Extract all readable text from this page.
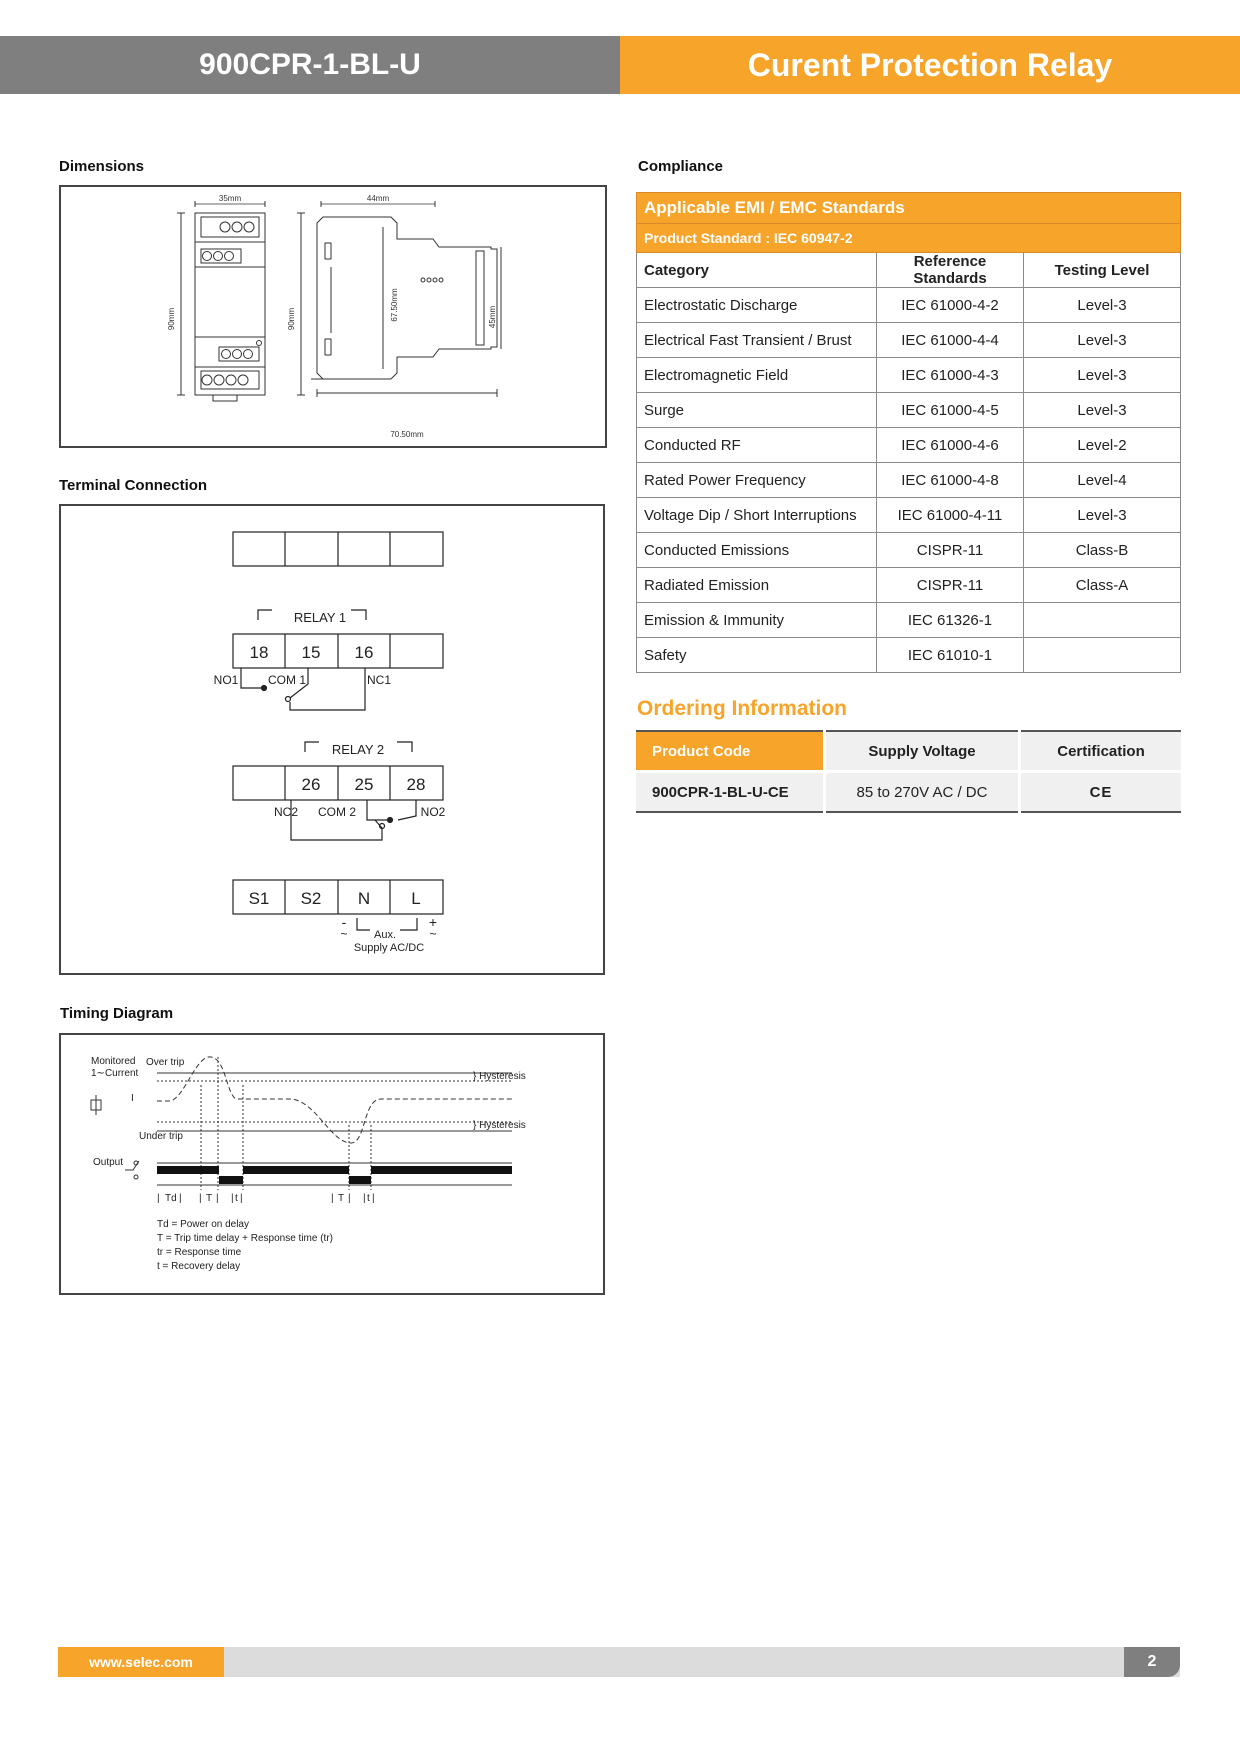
900CPR-1-BL-U	Curent Protection Relay
Dimensions
35mm	44mm
90mm	90mm	67.50mm	45mm
70.50mm
Terminal Connection
RELAY 1
18 15 16
NO1 COM 1	NC1
RELAY 2
26 25 28
NC2 COM 2	NO2
S1 S2 N L
-
~
+
~
Aux.
Supply AC/DC
Timing Diagram
Monitored
1∼Current
Over trip
Under trip
} Hysteresis
} Hysteresis
I
Output
| Td | | T | | t |	| T | | t |
Td = Power on delay
T = Trip time delay + Response time (tr)
tr = Response time
t = Recovery delay
Compliance
Applicable EMI / EMC Standards		
Product Standard : IEC 60947-2		
Category	Reference Standards	Testing Level
Electrostatic Discharge	IEC 61000-4-2	Level-3
Electrical Fast Transient / Brust	IEC 61000-4-4	Level-3
Electromagnetic Field	IEC 61000-4-3	Level-3
Surge	IEC 61000-4-5	Level-3
Conducted RF	IEC 61000-4-6	Level-2
Rated Power Frequency	IEC 61000-4-8	Level-4
Voltage Dip / Short Interruptions	IEC 61000-4-11	Level-3
Conducted Emissions	CISPR-11	Class-B
Radiated Emission	CISPR-11	Class-A
Emission & Immunity	IEC 61326-1	
Safety	IEC 61010-1	
Ordering Information
Product Code	Supply Voltage	Certification
900CPR-1-BL-U-CE	85 to 270V AC / DC	CE
www.selec.com	2
